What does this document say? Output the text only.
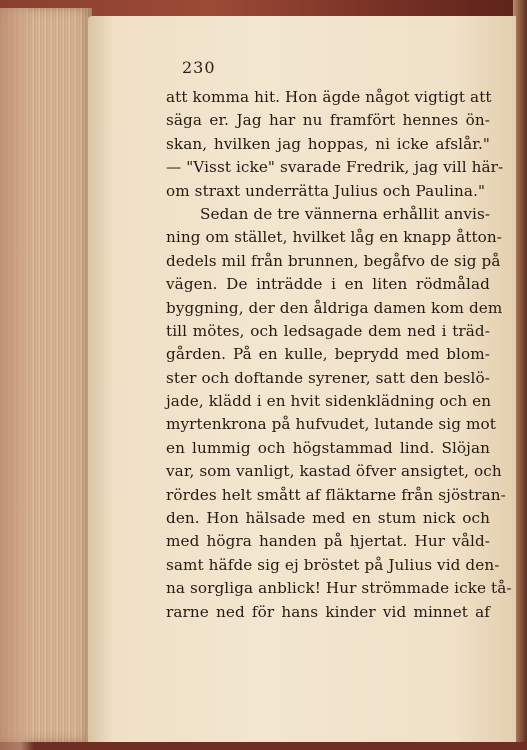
230
att komma hit. Hon ägde något vigtigt att
säga er. Jag har nu framfört hennes ön-
skan, hvilken jag hoppas, ni icke afslår."
— "Visst icke" svarade Fredrik, jag vill här-
om straxt underrätta Julius och Paulina."
Sedan de tre vännerna erhållit anvis-
ning om stället, hvilket låg en knapp åtton-
dedels mil från brunnen, begåfvo de sig på
vägen. De inträdde i en liten rödmålad
byggning, der den åldriga damen kom dem
till mötes, och ledsagade dem ned i träd-
gården. På en kulle, beprydd med blom-
ster och doftande syrener, satt den beslö-
jade, klädd i en hvit sidenklädning och en
myrtenkrona på hufvudet, lutande sig mot
en lummig och högstammad lind. Slöjan
var, som vanligt, kastad öfver ansigtet, och
rördes helt smått af fläktarne från sjöstran-
den. Hon hälsade med en stum nick och
med högra handen på hjertat. Hur våld-
samt häfde sig ej bröstet på Julius vid den-
na sorgliga anblick! Hur strömmade icke tå-
rarne ned för hans kinder vid minnet af
